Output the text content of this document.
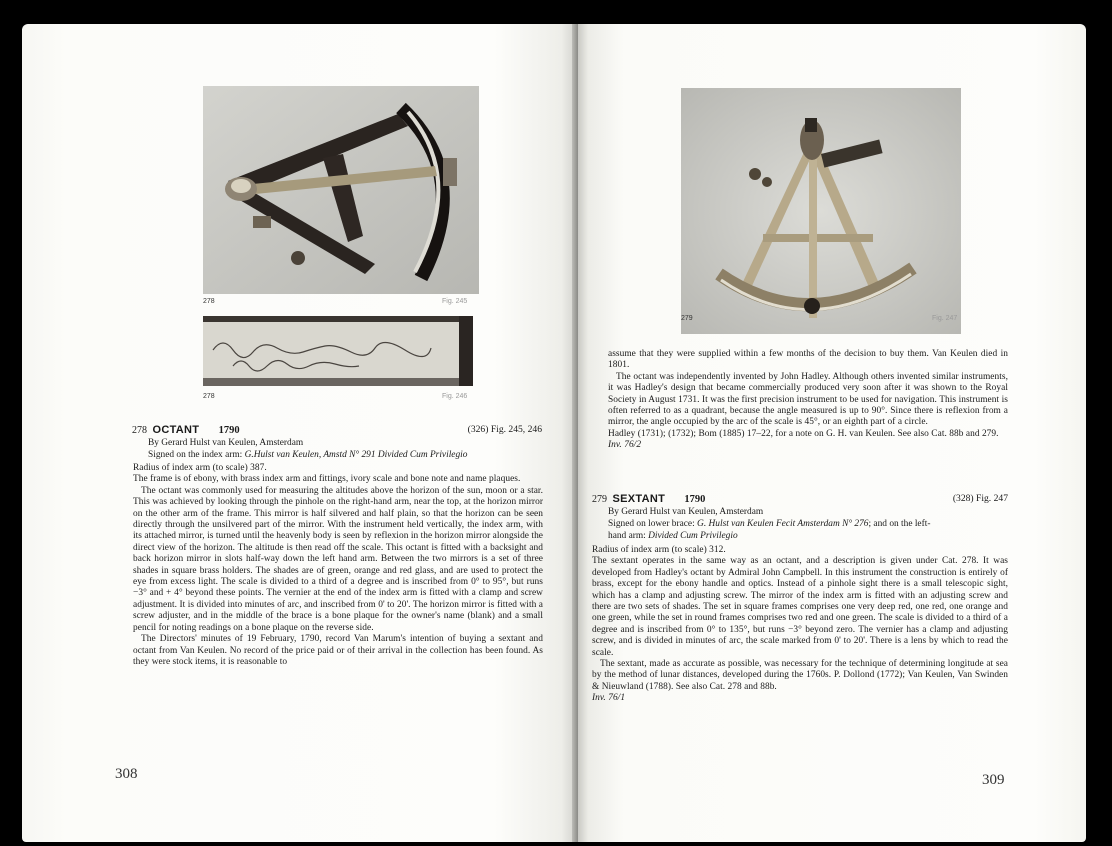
278	Fig. 245
278	Fig. 246
278 OCTANT 1790	(326) Fig. 245, 246
By Gerard Hulst van Keulen, Amsterdam
Signed on the index arm: G.Hulst van Keulen, Amstd N° 291 Divided Cum Privilegio

Radius of index arm (to scale) 387.

The frame is of ebony, with brass index arm and fittings, ivory scale and bone note and name plaques.

The octant was commonly used for measuring the altitudes above the horizon of the sun, moon or a star. This was achieved by looking through the pinhole on the right-hand arm, near the top, at the horizon mirror on the other arm of the frame. This mirror is half silvered and half plain, so that the horizon can be seen directly through the unsilvered part of the mirror. With the instrument held vertically, the index arm, with its attached mirror, is turned until the heavenly body is seen by reflexion in the horizon mirror alongside the direct view of the horizon. The altitude is then read off the scale. This octant is fitted with a backsight and back horizon mirror in slots half-way down the left hand arm. Between the two mirrors is a set of three shades in square brass holders. The shades are of green, orange and red glass, and are used to protect the eye from excess light. The scale is divided to a third of a degree and is inscribed from 0° to 95°, but runs −3° and + 4° beyond these points. The vernier at the end of the index arm is fitted with a clamp and screw adjustment. It is divided into minutes of arc, and inscribed from 0' to 20'. The horizon mirror is fitted with a screw adjuster, and in the middle of the brace is a bone plaque for the owner's name (blank) and a small pencil for noting readings on a bone plaque on the reverse side.

The Directors' minutes of 19 February, 1790, record Van Marum's intention of buying a sextant and octant from Van Keulen. No record of the price paid or of their arrival in the collection has been found. As they were stock items, it is reasonable to

308
279	Fig. 247

assume that they were supplied within a few months of the decision to buy them. Van Keulen died in 1801.

The octant was independently invented by John Hadley. Although others invented similar instruments, it was Hadley's design that became commercially produced very soon after it was shown to the Royal Society in August 1731. It was the first precision instrument to be used for navigation. This instrument is often referred to as a quadrant, because the angle measured is up to 90°. Since there is reflexion from a mirror, the angle occupied by the arc of the scale is 45°, or an eighth part of a circle.

Hadley (1731); (1732); Bom (1885) 17–22, for a note on G. H. van Keulen. See also Cat. 88b and 279.

Inv. 76/2

279 SEXTANT 1790	(328) Fig. 247
By Gerard Hulst van Keulen, Amsterdam
Signed on lower brace: G. Hulst van Keulen Fecit Amsterdam N° 276; and on the left-
hand arm: Divided Cum Privilegio

Radius of index arm (to scale) 312.

The sextant operates in the same way as an octant, and a description is given under Cat. 278. It was developed from Hadley's octant by Admiral John Campbell. In this instrument the construction is entirely of brass, except for the ebony handle and optics. Instead of a pinhole sight there is a small telescopic sight, which has a clamp and adjusting screw. The mirror of the index arm is fitted with an adjusting screw and there are two sets of shades. The set in square frames comprises one very deep red, one red, one orange and one green, while the set in round frames comprises two red and one green. The scale is divided to a third of a degree and is inscribed from 0° to 135°, but runs −3° beyond zero. The vernier has a clamp and adjusting screw, and is divided in minutes of arc, the scale marked from 0' to 20'. There is a lens by which to read the scale.

The sextant, made as accurate as possible, was necessary for the technique of determining longitude at sea by the method of lunar distances, developed during the 1760s. P. Dollond (1772); Van Keulen, Van Swinden & Nieuwland (1788). See also Cat. 278 and 88b.

Inv. 76/1

309
